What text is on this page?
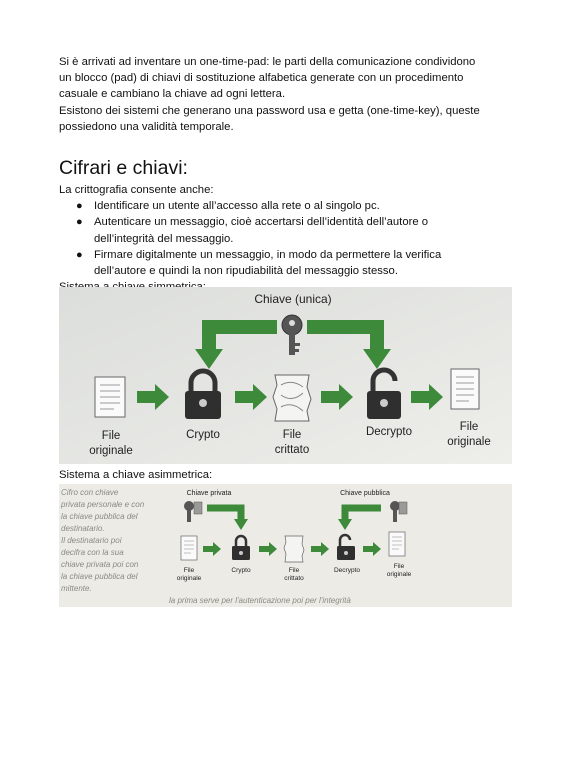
Si è arrivati ad inventare un one-time-pad: le parti della comunicazione condividono
un blocco (pad) di chiavi di sostituzione alfabetica generate con un procedimento
casuale e cambiano la chiave ad ogni lettera.

Esistono dei sistemi che generano una password usa e getta (one-time-key), queste
possiedono una validità temporale.

Cifrari e chiavi:

La crittografia consente anche:

● Identificare un utente all’accesso alla rete o al singolo pc.
● Autenticare un messaggio, cioè accertarsi dell’identità dell’autore o
dell’integrità del messaggio.
● Firmare digitalmente un messaggio, in modo da permettere la verifica
dell’autore e quindi la non ripudiabilità del messaggio stesso.

Chiave (unica)
File
originale
Crypto	File
crittato
Decrypto	File
originale
Sistema a chiave asimmetrica:
Cifro con chiave
privata personale e con
la chiave pubblica del
destinatario.
Il destinatario poi
decifra con la sua
chiave privata poi con
la chiave pubblica del
mittente.
la prima serve per l'autenticazione poi per l'integrità
Chiave privata	Chiave pubblica
File
originale
Crypto	File
crittato
Decrypto
File
originale
